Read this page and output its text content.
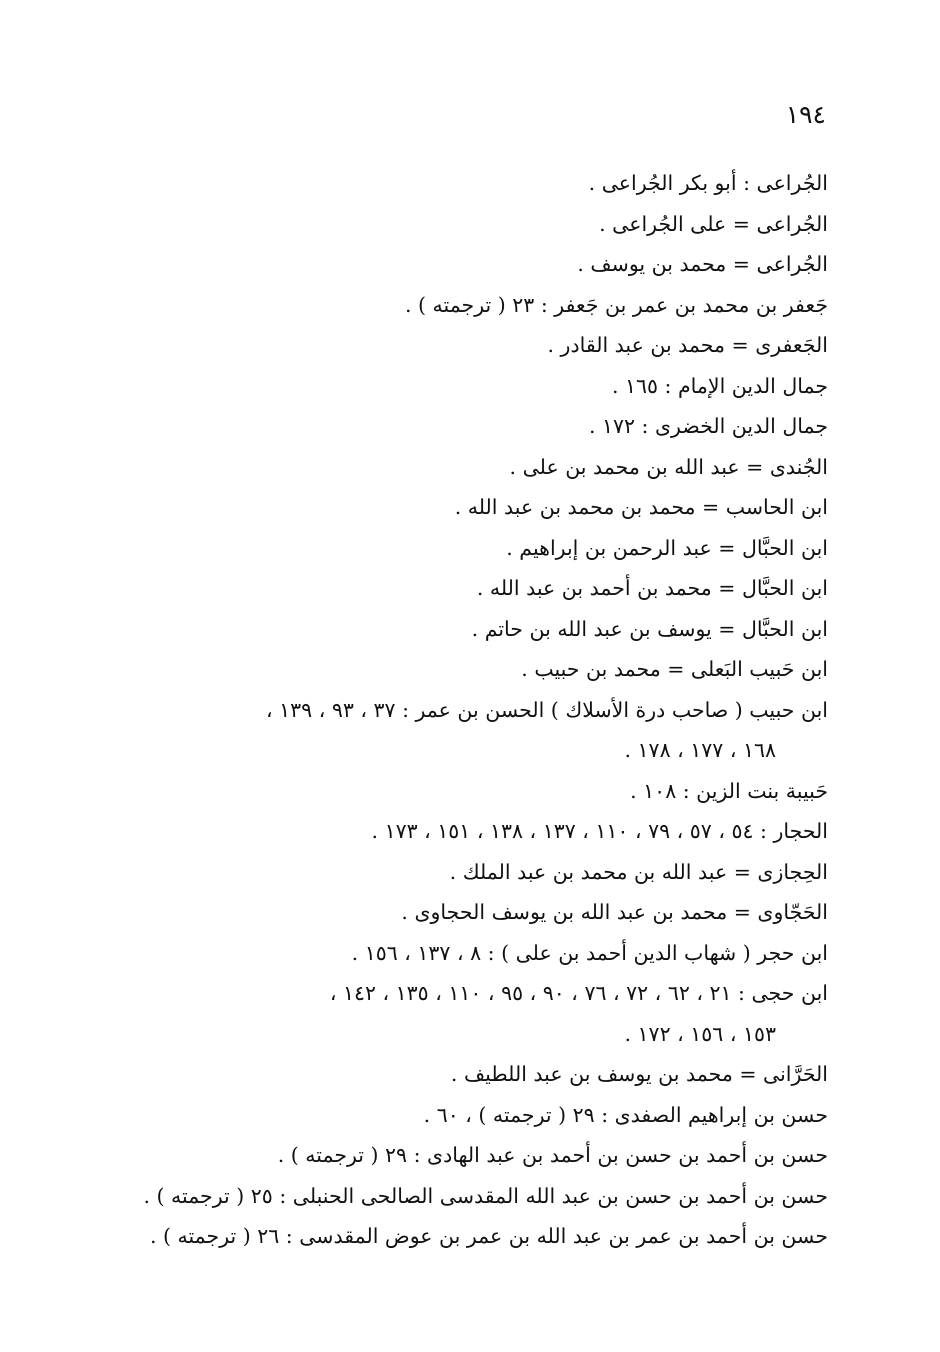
١٩٤
الجُراعى : أبو بكر الجُراعى .
الجُراعى = على الجُراعى .
الجُراعى = محمد بن يوسف .
جَعفر بن محمد بن عمر بن جَعفر : ٢٣ ( ترجمته ) .
الجَعفرى = محمد بن عبد القادر .
جمال الدين الإمام : ١٦٥ .
جمال الدين الخضرى : ١٧٢ .
الجُندى = عبد الله بن محمد بن على .
ابن الحاسب = محمد بن محمد بن عبد الله .
ابن الحبَّال = عبد الرحمن بن إبراهيم .
ابن الحبَّال = محمد بن أحمد بن عبد الله .
ابن الحبَّال = يوسف بن عبد الله بن حاتم .
ابن حَبيب البَعلى = محمد بن حبيب .
ابن حبيب ( صاحب درة الأسلاك ) الحسن بن عمر : ٣٧ ، ٩٣ ، ١٣٩ ،
١٦٨ ، ١٧٧ ، ١٧٨ .
حَبيبة بنت الزين : ١٠٨ .
الحجار : ٥٤ ، ٥٧ ، ٧٩ ، ١١٠ ، ١٣٧ ، ١٣٨ ، ١٥١ ، ١٧٣ .
الحِجازى = عبد الله بن محمد بن عبد الملك .
الحَجّاوى = محمد بن عبد الله بن يوسف الحجاوى .
ابن حجر ( شهاب الدين أحمد بن على ) : ٨ ، ١٣٧ ، ١٥٦ .
ابن حجى : ٢١ ، ٦٢ ، ٧٢ ، ٧٦ ، ٩٠ ، ٩٥ ، ١١٠ ، ١٣٥ ، ١٤٢ ،
١٥٣ ، ١٥٦ ، ١٧٢ .
الحَرَّانى = محمد بن يوسف بن عبد اللطيف .
حسن بن إبراهيم الصفدى : ٢٩ ( ترجمته ) ، ٦٠ .
حسن بن أحمد بن حسن بن أحمد بن عبد الهادى : ٢٩ ( ترجمته ) .
حسن بن أحمد بن حسن بن عبد الله المقدسى الصالحى الحنبلى : ٢٥ ( ترجمته ) .
حسن بن أحمد بن عمر بن عبد الله بن عمر بن عوض المقدسى : ٢٦ ( ترجمته ) .
